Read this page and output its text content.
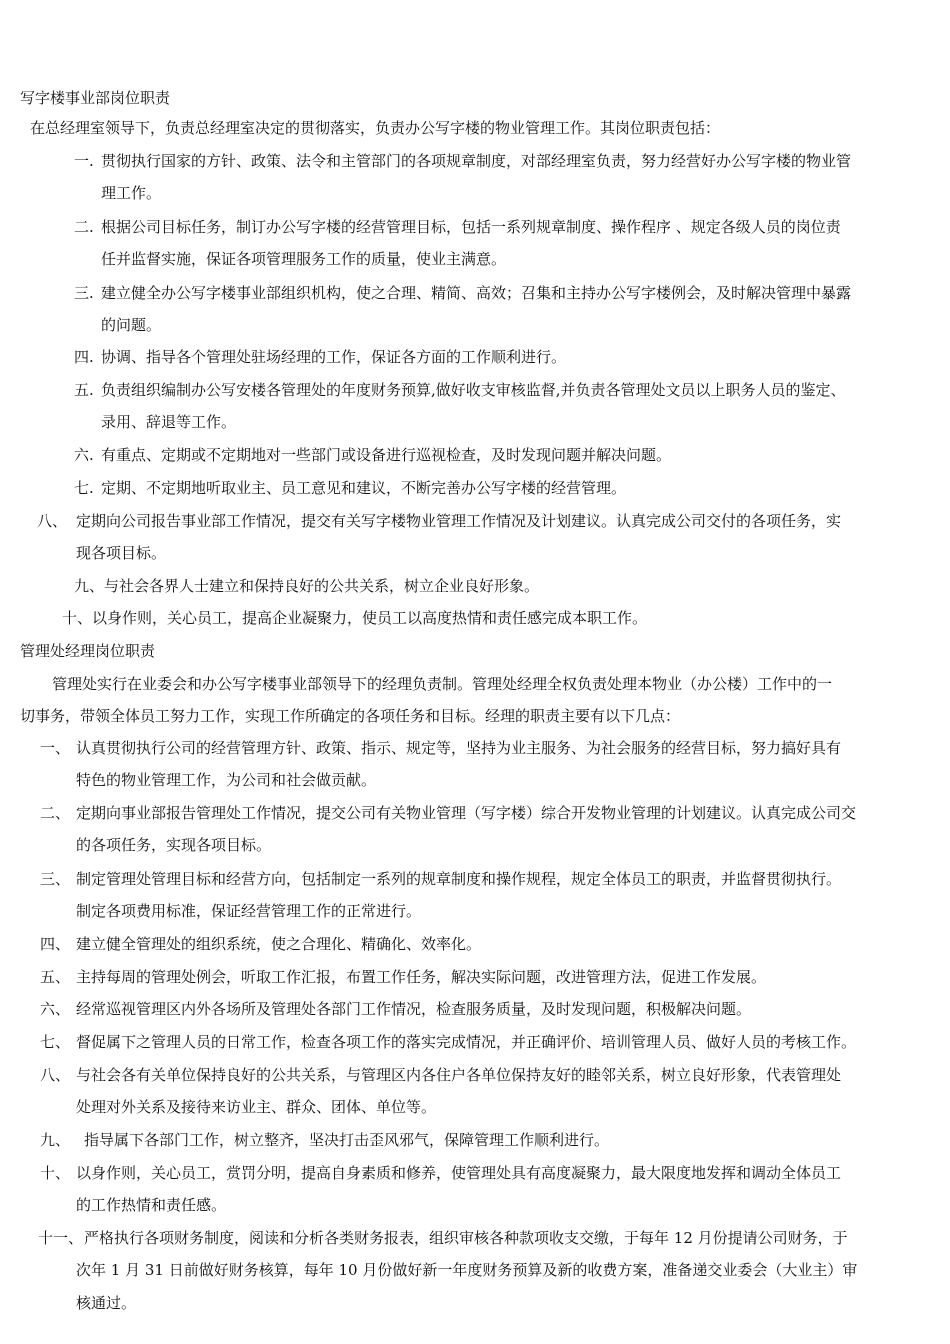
写字楼事业部岗位职责
在总经理室领导下，负责总经理室决定的贯彻落实，负责办公写字楼的物业管理工作。其岗位职责包括：
一. 贯彻执行国家的方针、政策、法令和主管部门的各项规章制度，对部经理室负责，努力经营好办公写字楼的物业管
理工作。
二. 根据公司目标任务，制订办公写字楼的经营管理目标，包括一系列规章制度、操作程序 、规定各级人员的岗位责
任并监督实施，保证各项管理服务工作的质量，使业主满意。
三. 建立健全办公写字楼事业部组织机构，使之合理、精简、高效；召集和主持办公写字楼例会，及时解决管理中暴露
的问题。
四. 协调、指导各个管理处驻场经理的工作，保证各方面的工作顺利进行。
五. 负责组织编制办公写安楼各管理处的年度财务预算,做好收支审核监督,并负责各管理处文员以上职务人员的鉴定、
录用、辞退等工作。
六. 有重点、定期或不定期地对一些部门或设备进行巡视检查，及时发现问题并解决问题。
七. 定期、不定期地听取业主、员工意见和建议，不断完善办公写字楼的经营管理。
八、 定期向公司报告事业部工作情况，提交有关写字楼物业管理工作情况及计划建议。认真完成公司交付的各项任务，实
现各项目标。
九、 与社会各界人士建立和保持良好的公共关系，树立企业良好形象。
十、 以身作则，关心员工，提高企业凝聚力，使员工以高度热情和责任感完成本职工作。
管理处经理岗位职责
管理处实行在业委会和办公写字楼事业部领导下的经理负责制。管理处经理全权负责处理本物业（办公楼）工作中的一
切事务，带领全体员工努力工作，实现工作所确定的各项任务和目标。经理的职责主要有以下几点：
一、 认真贯彻执行公司的经营管理方针、政策、指示、规定等，坚持为业主服务、为社会服务的经营目标，努力搞好具有
特色的物业管理工作，为公司和社会做贡献。
二、 定期向事业部报告管理处工作情况，提交公司有关物业管理（写字楼）综合开发物业管理的计划建议。认真完成公司交
的各项任务，实现各项目标。
三、 制定管理处管理目标和经营方向，包括制定一系列的规章制度和操作规程，规定全体员工的职责，并监督贯彻执行。
制定各项费用标准，保证经营管理工作的正常进行。
四、 建立健全管理处的组织系统，使之合理化、精确化、效率化。
五、 主持每周的管理处例会，听取工作汇报，布置工作任务，解决实际问题，改进管理方法，促进工作发展。
六、 经常巡视管理区内外各场所及管理处各部门工作情况，检查服务质量，及时发现问题，积极解决问题。
七、 督促属下之管理人员的日常工作，检查各项工作的落实完成情况，并正确评价、培训管理人员、做好人员的考核工作。
八、 与社会各有关单位保持良好的公共关系，与管理区内各住户各单位保持友好的睦邻关系，树立良好形象，代表管理处
处理对外关系及接待来访业主、群众、团体、单位等。
九、 指导属下各部门工作，树立整齐，坚决打击歪风邪气，保障管理工作顺利进行。
十、 以身作则，关心员工，赏罚分明，提高自身素质和修养，使管理处具有高度凝聚力，最大限度地发挥和调动全体员工
的工作热情和责任感。
十一、 严格执行各项财务制度，阅读和分析各类财务报表，组织审核各种款项收支交缴，于每年 12 月份提请公司财务，于
次年 1 月 31 日前做好财务核算，每年 10 月份做好新一年度财务预算及新的收费方案，准备递交业委会（大业主）审
核通过。
